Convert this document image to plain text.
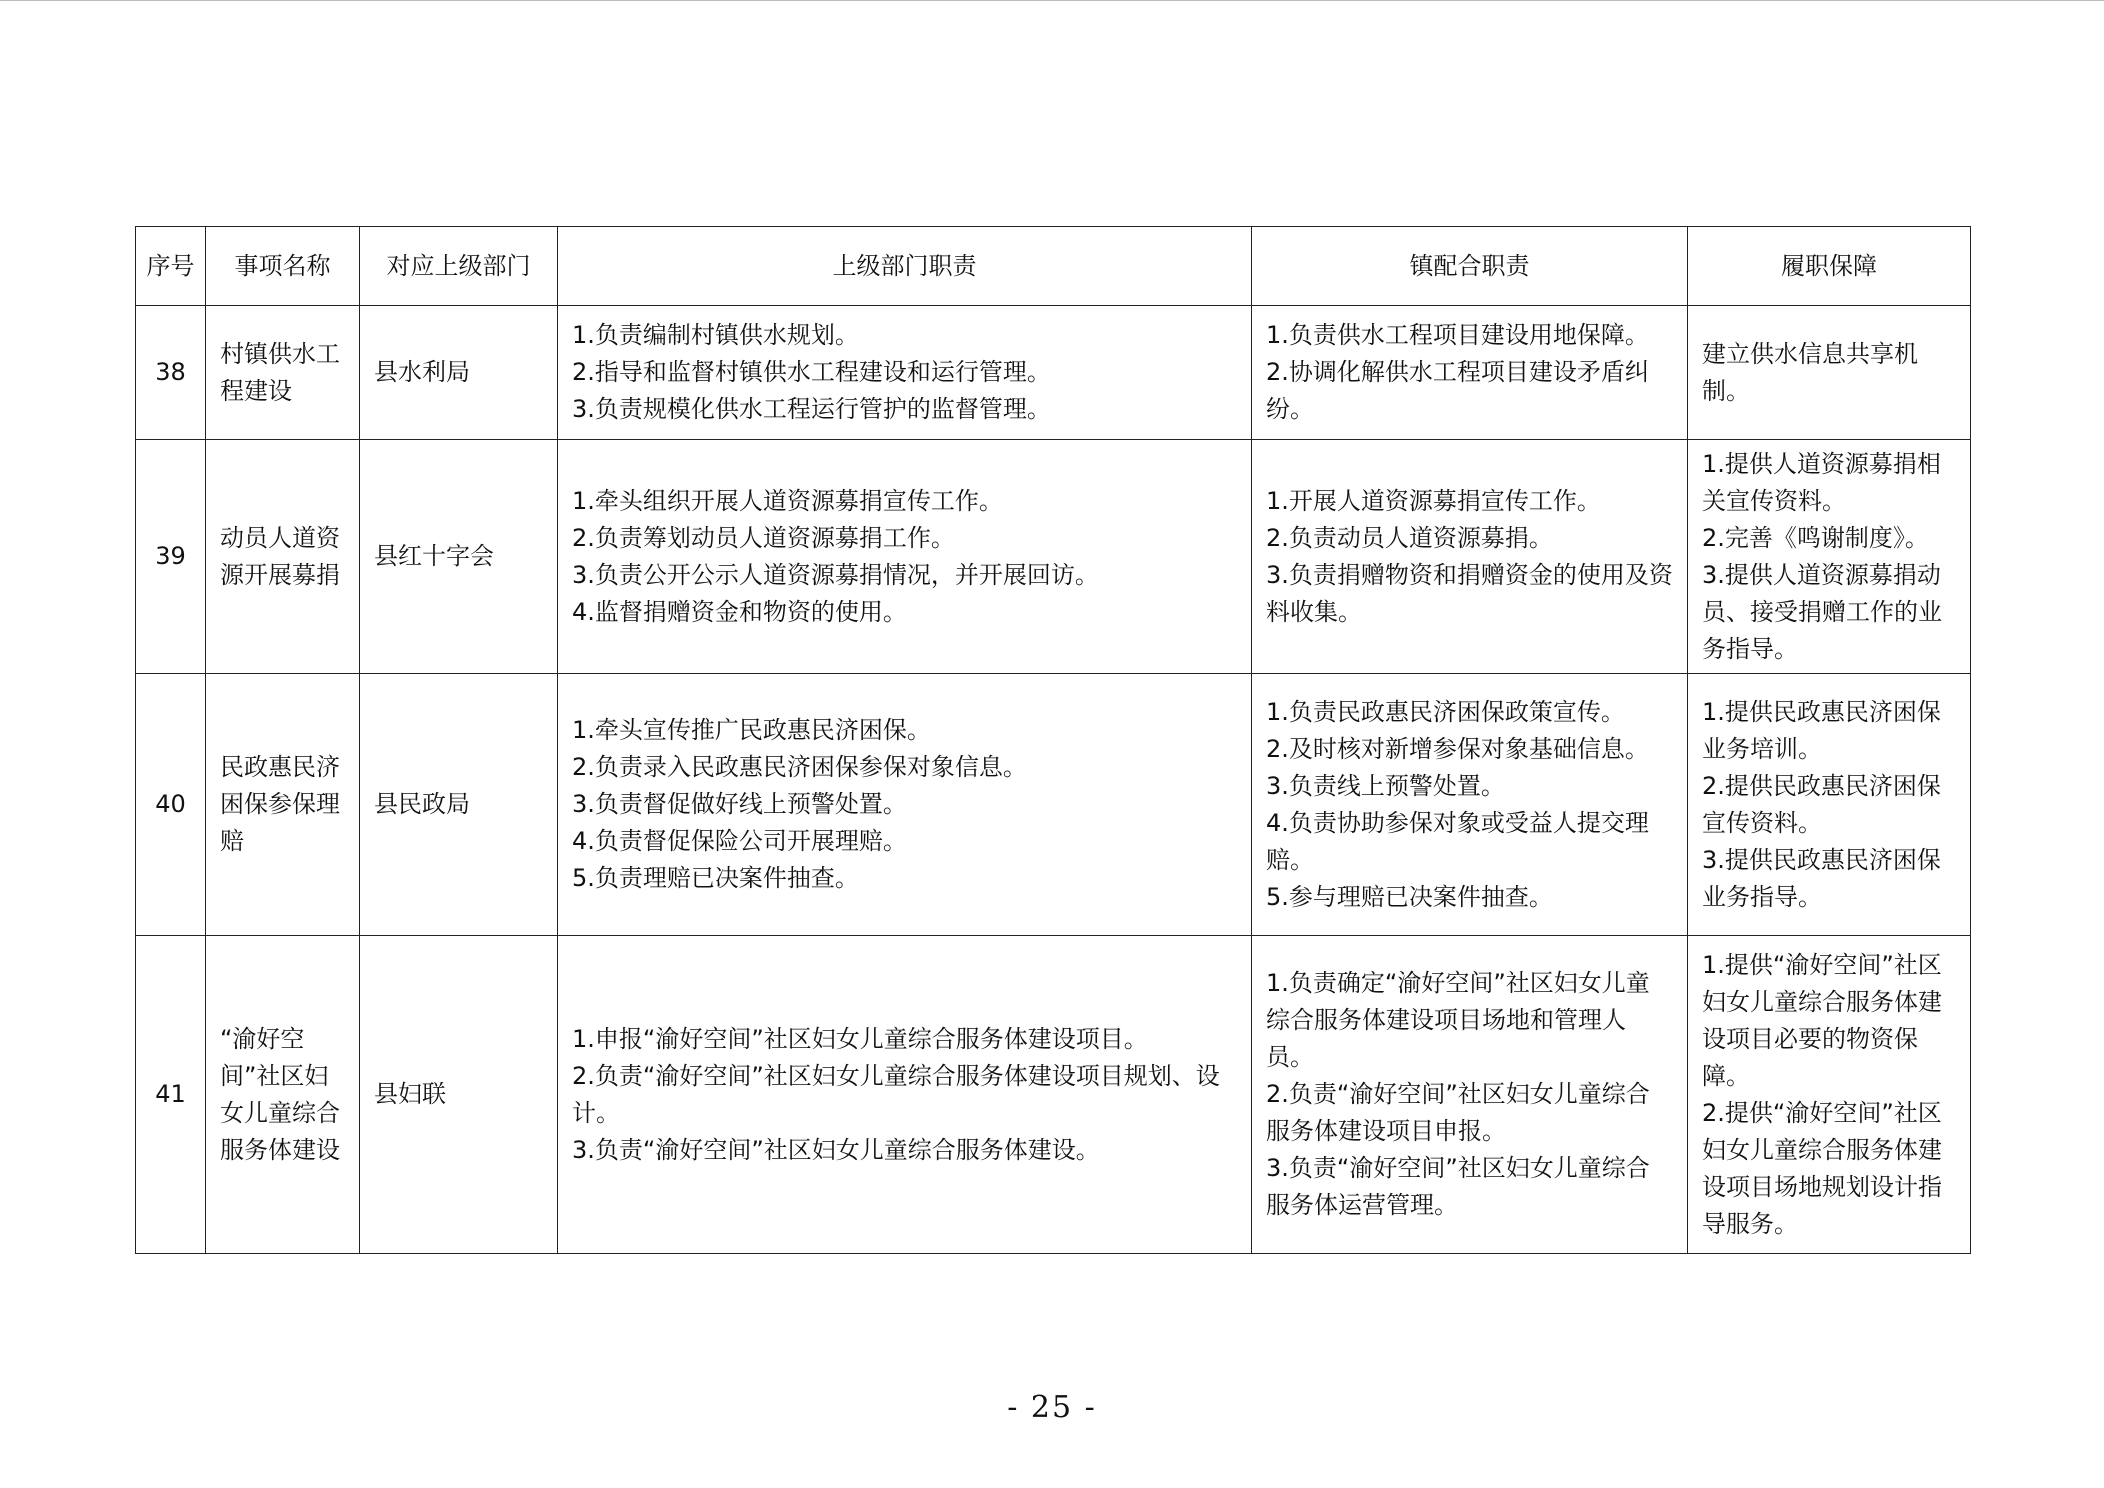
序号	事项名称	对应上级部门	上级部门职责	镇配合职责	履职保障
38	村镇供水工程建设	县水利局	1.负责编制村镇供水规划。
2.指导和监督村镇供水工程建设和运行管理。
3.负责规模化供水工程运行管护的监督管理。	1.负责供水工程项目建设用地保障。
2.协调化解供水工程项目建设矛盾纠纷。	建立供水信息共享机制。

39	动员人道资源开展募捐	县红十字会	1.牵头组织开展人道资源募捐宣传工作。
2.负责筹划动员人道资源募捐工作。
3.负责公开公示人道资源募捐情况，并开展回访。
4.监督捐赠资金和物资的使用。	1.开展人道资源募捐宣传工作。
2.负责动员人道资源募捐。
3.负责捐赠物资和捐赠资金的使用及资料收集。	1.提供人道资源募捐相关宣传资料。
2.完善《鸣谢制度》。
3.提供人道资源募捐动员、接受捐赠工作的业务指导。

40	民政惠民济困保参保理赔	县民政局	1.牵头宣传推广民政惠民济困保。
2.负责录入民政惠民济困保参保对象信息。
3.负责督促做好线上预警处置。
4.负责督促保险公司开展理赔。
5.负责理赔已决案件抽查。	1.负责民政惠民济困保政策宣传。
2.及时核对新增参保对象基础信息。
3.负责线上预警处置。
4.负责协助参保对象或受益人提交理赔。
5.参与理赔已决案件抽查。	1.提供民政惠民济困保业务培训。
2.提供民政惠民济困保宣传资料。
3.提供民政惠民济困保业务指导。

41	“渝好空间”社区妇女儿童综合服务体建设	县妇联	1.申报“渝好空间”社区妇女儿童综合服务体建设项目。
2.负责“渝好空间”社区妇女儿童综合服务体建设项目规划、设计。
3.负责“渝好空间”社区妇女儿童综合服务体建设。	1.负责确定“渝好空间”社区妇女儿童综合服务体建设项目场地和管理人员。
2.负责“渝好空间”社区妇女儿童综合服务体建设项目申报。
3.负责“渝好空间”社区妇女儿童综合服务体运营管理。	1.提供“渝好空间”社区妇女儿童综合服务体建设项目必要的物资保障。
2.提供“渝好空间”社区妇女儿童综合服务体建设项目场地规划设计指导服务。
- 25 -
